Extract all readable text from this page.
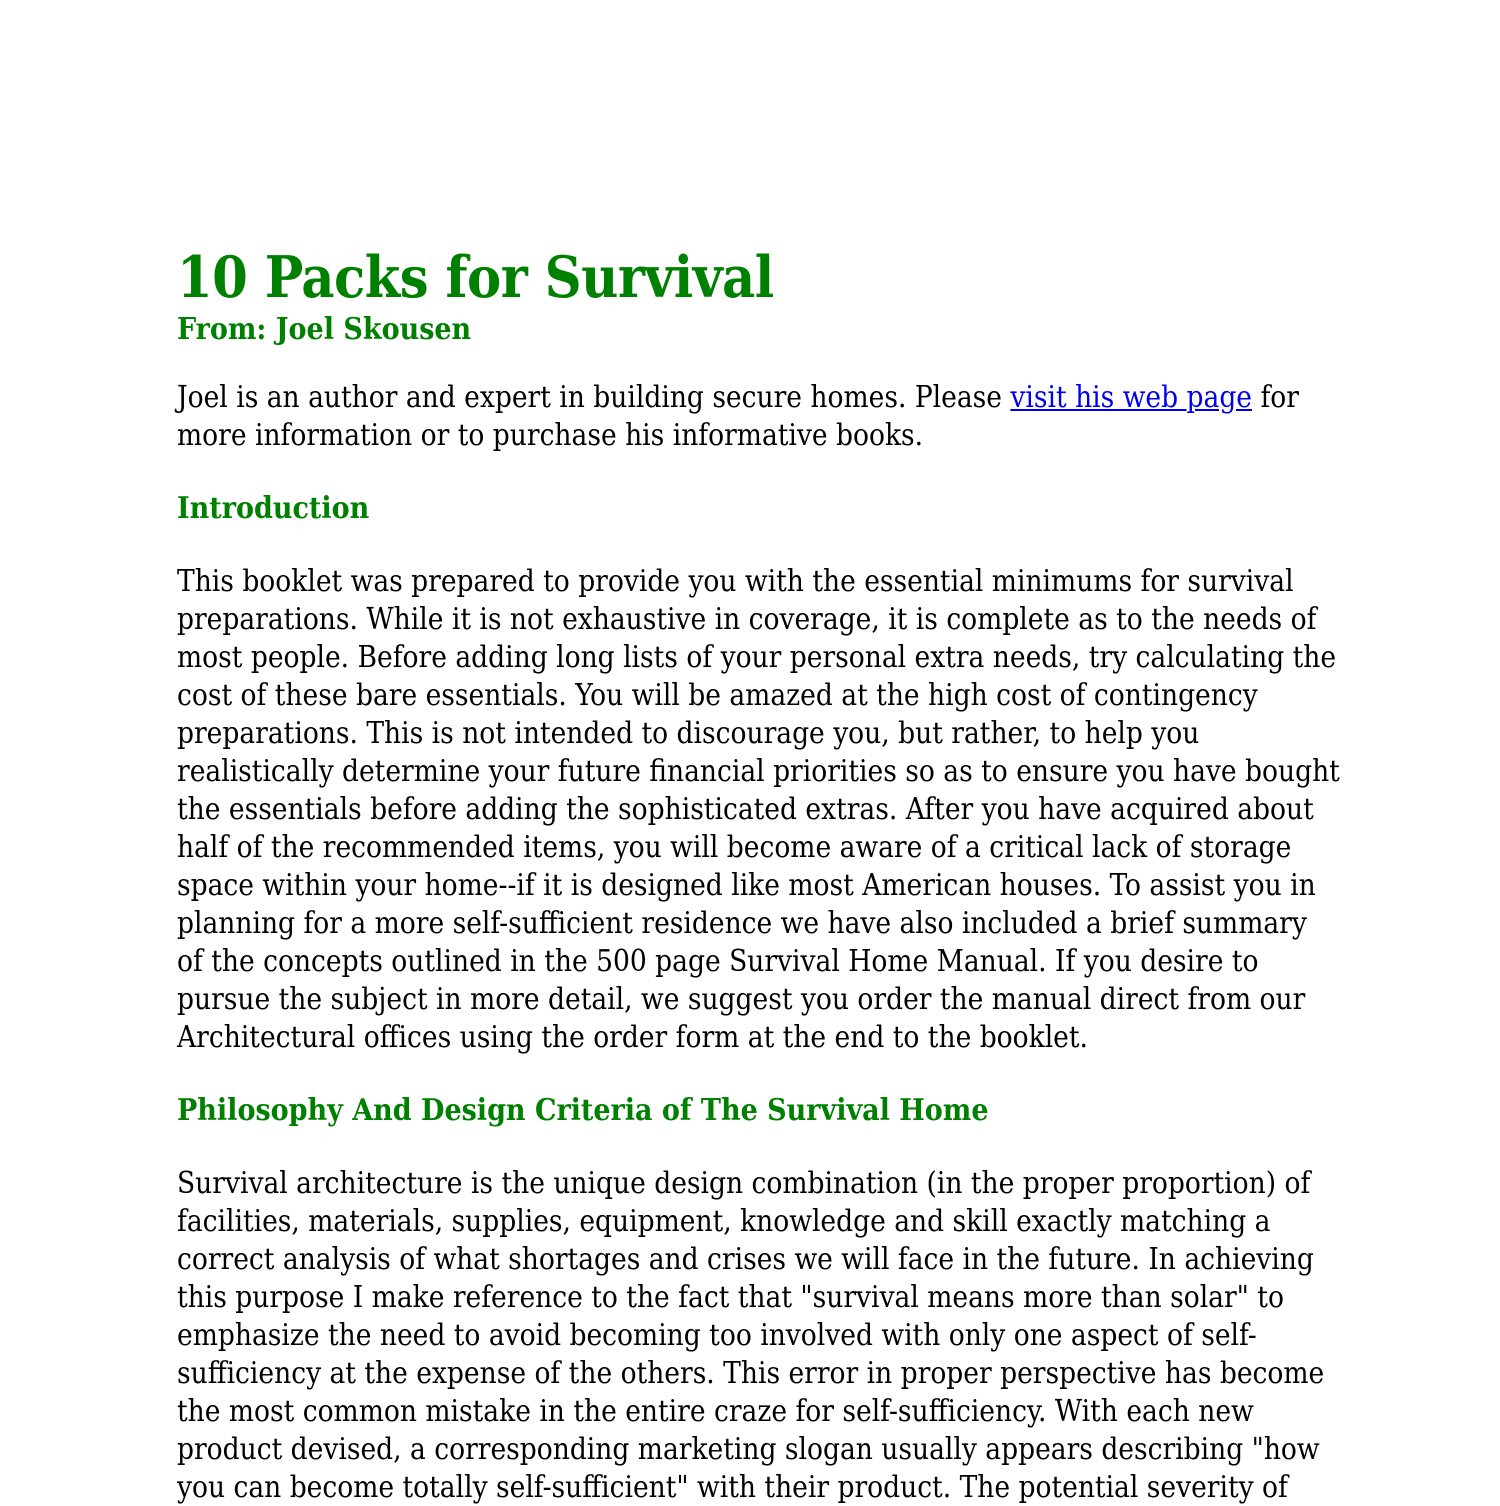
10 Packs for Survival
From: Joel Skousen

Joel is an author and expert in building secure homes. Please visit his web page for
more information or to purchase his informative books.

Introduction

This booklet was prepared to provide you with the essential minimums for survival
preparations. While it is not exhaustive in coverage, it is complete as to the needs of
most people. Before adding long lists of your personal extra needs, try calculating the
cost of these bare essentials. You will be amazed at the high cost of contingency
preparations. This is not intended to discourage you, but rather, to help you
realistically determine your future financial priorities so as to ensure you have bought
the essentials before adding the sophisticated extras. After you have acquired about
half of the recommended items, you will become aware of a critical lack of storage
space within your home--if it is designed like most American houses. To assist you in
planning for a more self-sufficient residence we have also included a brief summary
of the concepts outlined in the 500 page Survival Home Manual. If you desire to
pursue the subject in more detail, we suggest you order the manual direct from our
Architectural offices using the order form at the end to the booklet.

Philosophy And Design Criteria of The Survival Home

Survival architecture is the unique design combination (in the proper proportion) of
facilities, materials, supplies, equipment, knowledge and skill exactly matching a
correct analysis of what shortages and crises we will face in the future. In achieving
this purpose I make reference to the fact that "survival means more than solar" to
emphasize the need to avoid becoming too involved with only one aspect of self-
sufficiency at the expense of the others. This error in proper perspective has become
the most common mistake in the entire craze for self-sufficiency. With each new
product devised, a corresponding marketing slogan usually appears describing "how
you can become totally self-sufficient" with their product. The potential severity of
